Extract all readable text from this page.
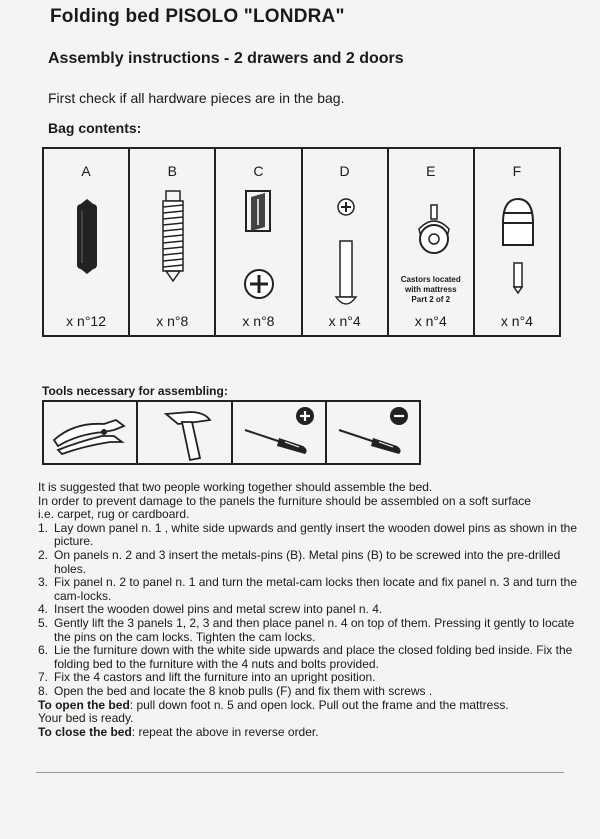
Folding bed PISOLO "LONDRA"
Assembly instructions - 2 drawers and 2 doors
First check if all hardware pieces are in the bag.
Bag contents:
A
x n°12
B
x n°8
C
x n°8
D
x n°4
E
Castors located
with mattress
Part 2 of 2
x n°4
F
x n°4
Tools necessary for assembling:

It is suggested that two people working together should assemble the bed.

In order to prevent damage to the panels the furniture should be assembled on a soft surface

i.e. carpet, rug or cardboard.

1. Lay down panel n. 1 , white side upwards and gently insert the wooden dowel pins as shown in the picture.
2. On panels n. 2 and 3 insert the metals-pins (B). Metal pins (B) to be screwed into the pre-drilled holes.
3. Fix panel n. 2 to panel n. 1 and turn the metal-cam locks then locate and fix panel n. 3 and turn the cam-locks.
4. Insert the wooden dowel pins and metal screw into panel n. 4.
5. Gently lift the 3 panels 1, 2, 3 and then place panel n. 4 on top of them. Pressing it gently to locate the pins on the cam locks. Tighten the cam locks.
6. Lie the furniture down with the white side upwards and place the closed folding bed inside. Fix the folding bed to the furniture with the 4 nuts and bolts provided.
7. Fix the 4 castors and lift the furniture into an upright position.
8. Open the bed and locate the 8 knob pulls (F) and fix them with screws .

To open the bed: pull down foot n. 5 and open lock. Pull out the frame and the mattress.

Your bed is ready.

To close the bed: repeat the above in reverse order.
